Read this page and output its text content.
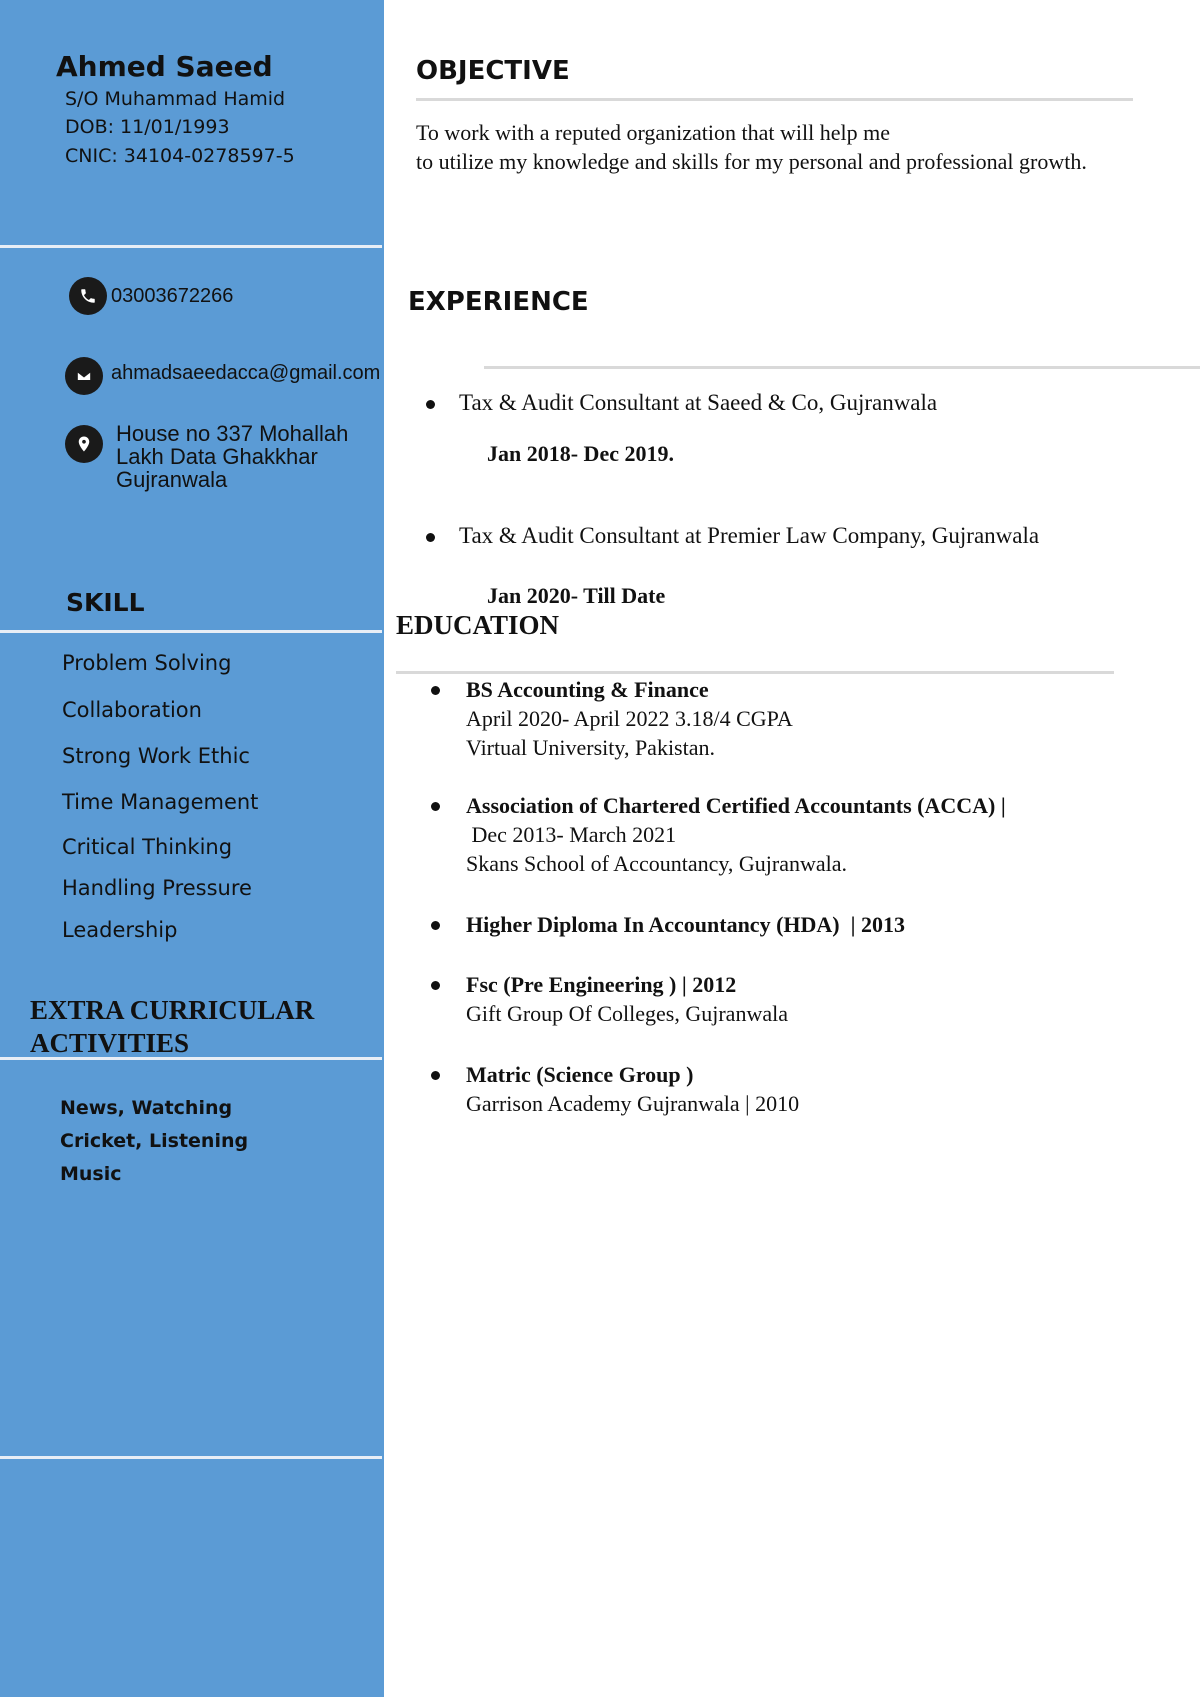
Ahmed Saeed
S/O Muhammad Hamid
DOB: 11/01/1993
CNIC: 34104-0278597-5
03003672266
ahmadsaeedacca@gmail.com
House no 337 Mohallah
Lakh Data Ghakkhar
Gujranwala
SKILL
Problem Solving
Collaboration
Strong Work Ethic
Time Management
Critical Thinking
Handling Pressure
Leadership
EXTRA CURRICULAR
ACTIVITIES
News, Watching
Cricket, Listening
Music
OBJECTIVE
To work with a reputed organization that will help me
to utilize my knowledge and skills for my personal and professional growth.
EXPERIENCE
Tax & Audit Consultant at Saeed & Co, Gujranwala
Jan 2018- Dec 2019.
Tax & Audit Consultant at Premier Law Company, Gujranwala
Jan 2020- Till Date
EDUCATION
BS Accounting & Finance
April 2020- April 2022 3.18/4 CGPA
Virtual University, Pakistan.
Association of Chartered Certified Accountants (ACCA) |
Dec 2013- March 2021
Skans School of Accountancy, Gujranwala.
Higher Diploma In Accountancy (HDA)  | 2013
Fsc (Pre Engineering ) | 2012
Gift Group Of Colleges, Gujranwala
Matric (Science Group )
Garrison Academy Gujranwala | 2010
